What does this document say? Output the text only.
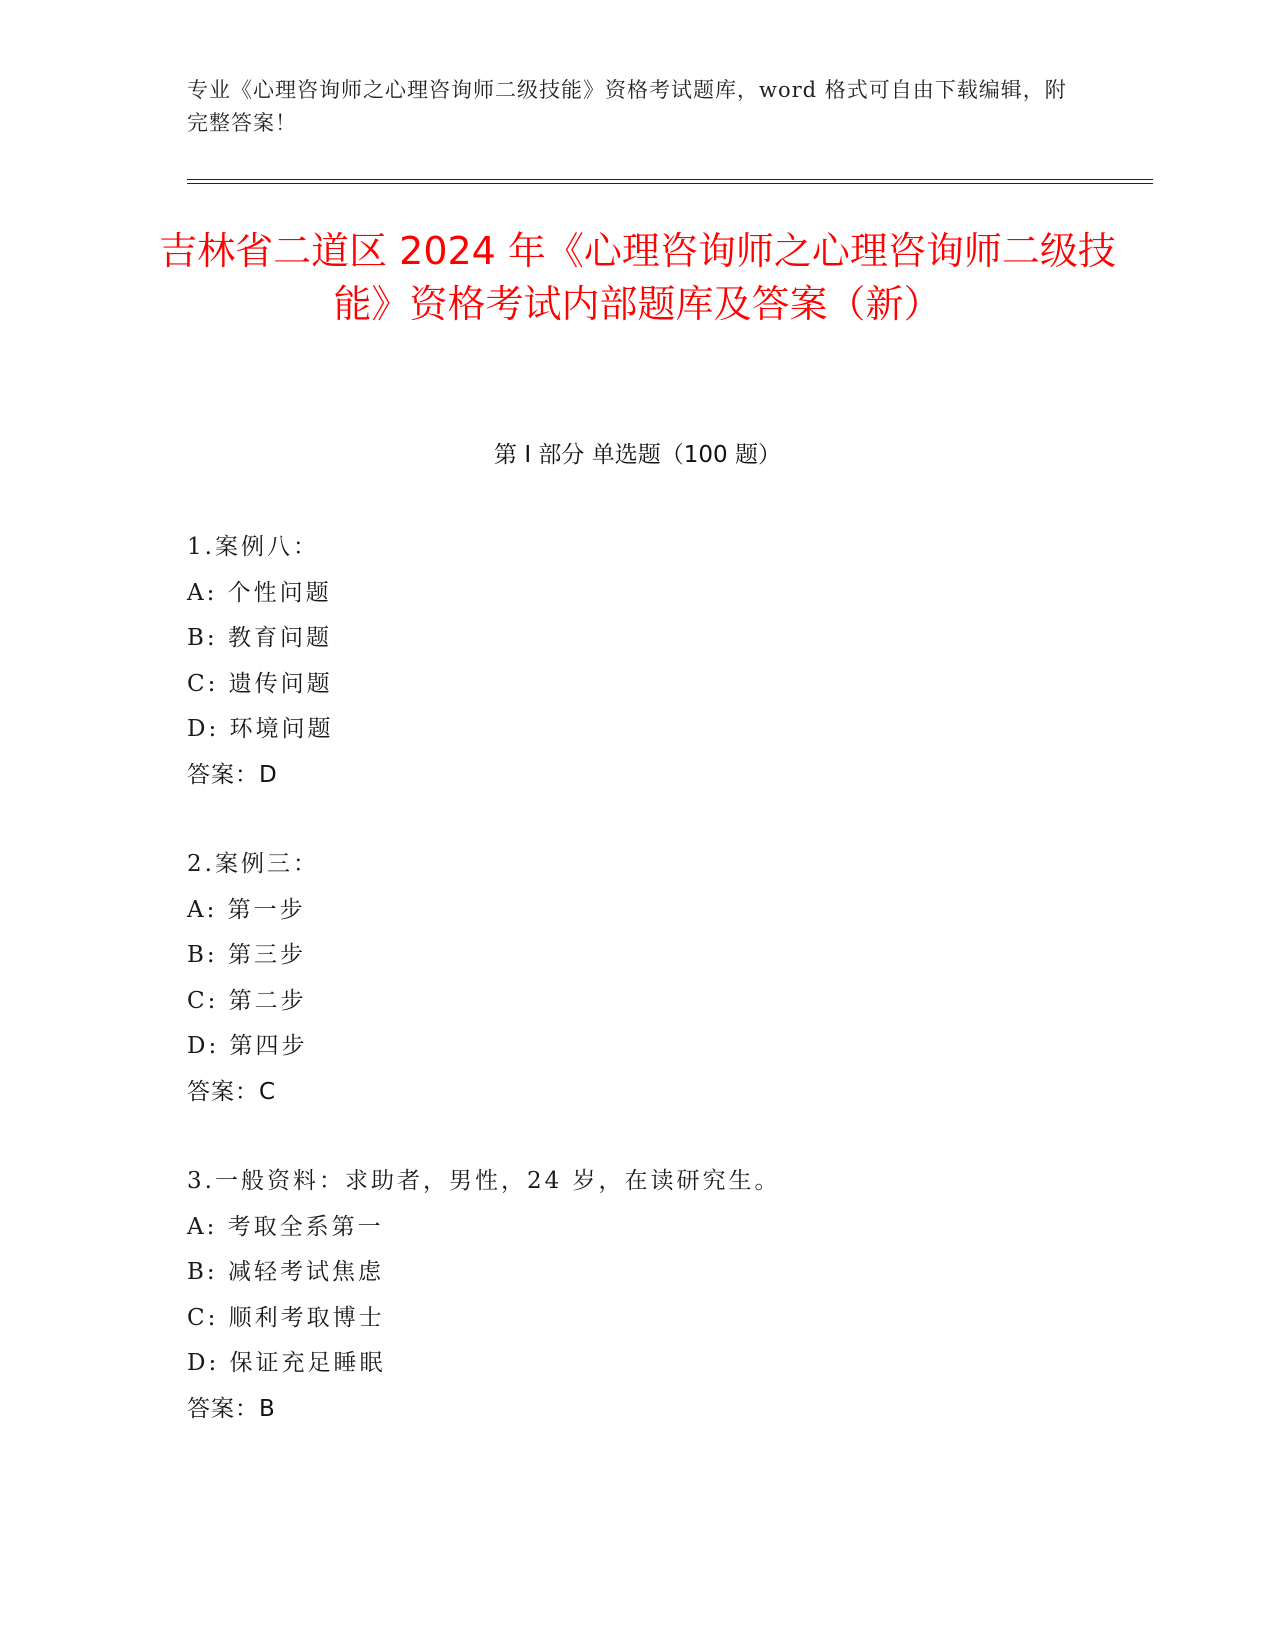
专业《心理咨询师之心理咨询师二级技能》资格考试题库，word 格式可自由下载编辑，附完整答案！
吉林省二道区 2024 年《心理咨询师之心理咨询师二级技能》资格考试内部题库及答案（新）
第 I 部分 单选题（100 题）
1.案例八：
A: 个性问题
B: 教育问题
C: 遗传问题
D: 环境问题
答案：D
2.案例三：
A: 第一步
B: 第三步
C: 第二步
D: 第四步
答案：C
3.一般资料：求助者，男性，24 岁，在读研究生。
A: 考取全系第一
B: 减轻考试焦虑
C: 顺利考取博士
D: 保证充足睡眠
答案：B
